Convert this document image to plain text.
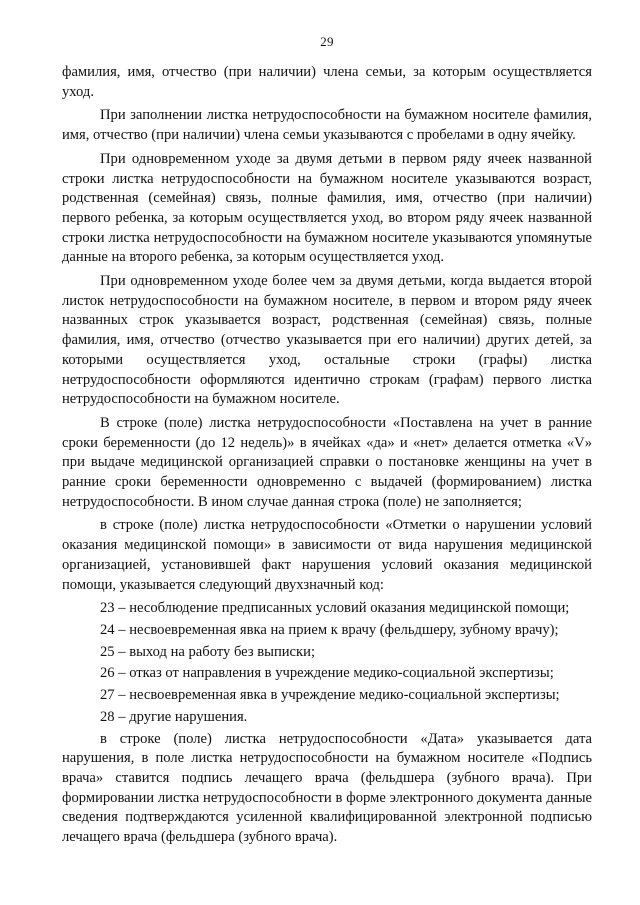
29

фамилия, имя, отчество (при наличии) члена семьи, за которым осуществляется уход.

При заполнении листка нетрудоспособности на бумажном носителе фамилия, имя, отчество (при наличии) члена семьи указываются с пробелами в одну ячейку.

При одновременном уходе за двумя детьми в первом ряду ячеек названной строки листка нетрудоспособности на бумажном носителе указываются возраст, родственная (семейная) связь, полные фамилия, имя, отчество (при наличии) первого ребенка, за которым осуществляется уход, во втором ряду ячеек названной строки листка нетрудоспособности на бумажном носителе указываются упомянутые данные на второго ребенка, за которым осуществляется уход.

При одновременном уходе более чем за двумя детьми, когда выдается второй листок нетрудоспособности на бумажном носителе, в первом и втором ряду ячеек названных строк указывается возраст, родственная (семейная) связь, полные фамилия, имя, отчество (отчество указывается при его наличии) других детей, за которыми осуществляется уход, остальные строки (графы) листка нетрудоспособности оформляются идентично строкам (графам) первого листка нетрудоспособности на бумажном носителе.

В строке (поле) листка нетрудоспособности «Поставлена на учет в ранние сроки беременности (до 12 недель)» в ячейках «да» и «нет» делается отметка «V» при выдаче медицинской организацией справки о постановке женщины на учет в ранние сроки беременности одновременно с выдачей (формированием) листка нетрудоспособности. В ином случае данная строка (поле) не заполняется;

в строке (поле) листка нетрудоспособности «Отметки о нарушении условий оказания медицинской помощи» в зависимости от вида нарушения медицинской организацией, установившей факт нарушения условий оказания медицинской помощи, указывается следующий двухзначный код:

23 – несоблюдение предписанных условий оказания медицинской помощи;

24 – несвоевременная явка на прием к врачу (фельдшеру, зубному врачу);

25 – выход на работу без выписки;

26 – отказ от направления в учреждение медико-социальной экспертизы;

27 – несвоевременная явка в учреждение медико-социальной экспертизы;

28 – другие нарушения.

в строке (поле) листка нетрудоспособности «Дата» указывается дата нарушения, в поле листка нетрудоспособности на бумажном носителе «Подпись врача» ставится подпись лечащего врача (фельдшера (зубного врача). При формировании листка нетрудоспособности в форме электронного документа данные сведения подтверждаются усиленной квалифицированной электронной подписью лечащего врача (фельдшера (зубного врача).
